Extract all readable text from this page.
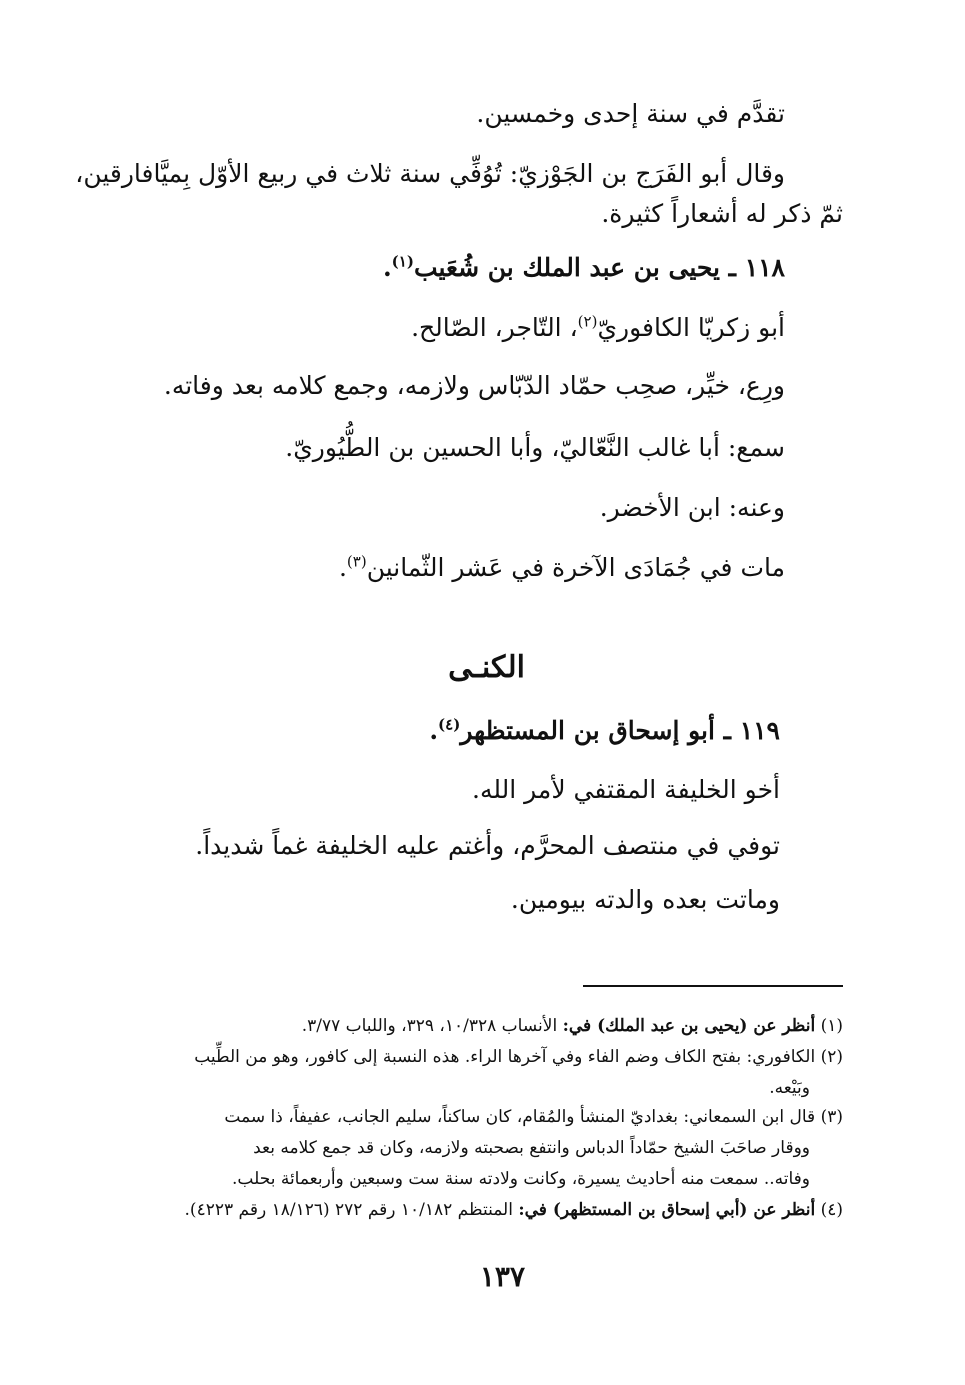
تقدَّم في سنة إحدى وخمسين.

وقال أبو الفَرَج بن الجَوْزيّ: تُوُفِّي سنة ثلاث في ربيع الأوّل بِميَّافارقين،

ثمّ ذكر له أشعاراً كثيرة.

١١٨ ـ يحيى بن عبد الملك بن شُعَيب$^{(١)}$.

أبو زكريّا الكافوريّ$^{(٢)}$، التّاجر، الصّالح.

ورِع، خيِّر، صحِب حمّاد الدّبّاس ولازمه، وجمع كلامه بعد وفاته.

سمع: أبا غالب النَّعّاليّ، وأبا الحسين بن الطُّيُوريّ.

وعنه: ابن الأخضر.

مات في جُمَادَى الآخرة في عَشر الثّمانين$^{(٣)}$.

الكنـى

١١٩ ـ أبو إسحاق بن المستظهر$^{(٤)}$.

أخو الخليفة المقتفي لأمر الله.

توفي في منتصف المحرَّم، وأغتم عليه الخليفة غماً شديداً.

وماتت بعده والدته بيومين.

(١) أنظر عن (يحيى بن عبد الملك) في: الأنساب ١٠/٣٢٨، ٣٢٩، واللباب ٣/٧٧.

(٢) الكافوري: بفتح الكاف وضم الفاء وفي آخرها الراء. هذه النسبة إلى كافور، وهو من الطِّيب

وبَيْعه.

(٣) قال ابن السمعاني: بغداديّ المنشأ والمُقام، كان ساكناً، سليم الجانب، عفيفاً، ذا سمت

ووقار صاحَبَ الشيخ حمّاداً الدباس وانتفع بصحبته ولازمه، وكان قد جمع كلامه بعد

وفاته.. سمعت منه أحاديث يسيرة، وكانت ولادته سنة ست وسبعين وأربعمائة بحلب.

(٤) أنظر عن (أبي إسحاق بن المستظهر) في: المنتظم ١٠/١٨٢ رقم ٢٧٢ (١٨/١٢٦ رقم ٤٢٢٣).

١٣٧
